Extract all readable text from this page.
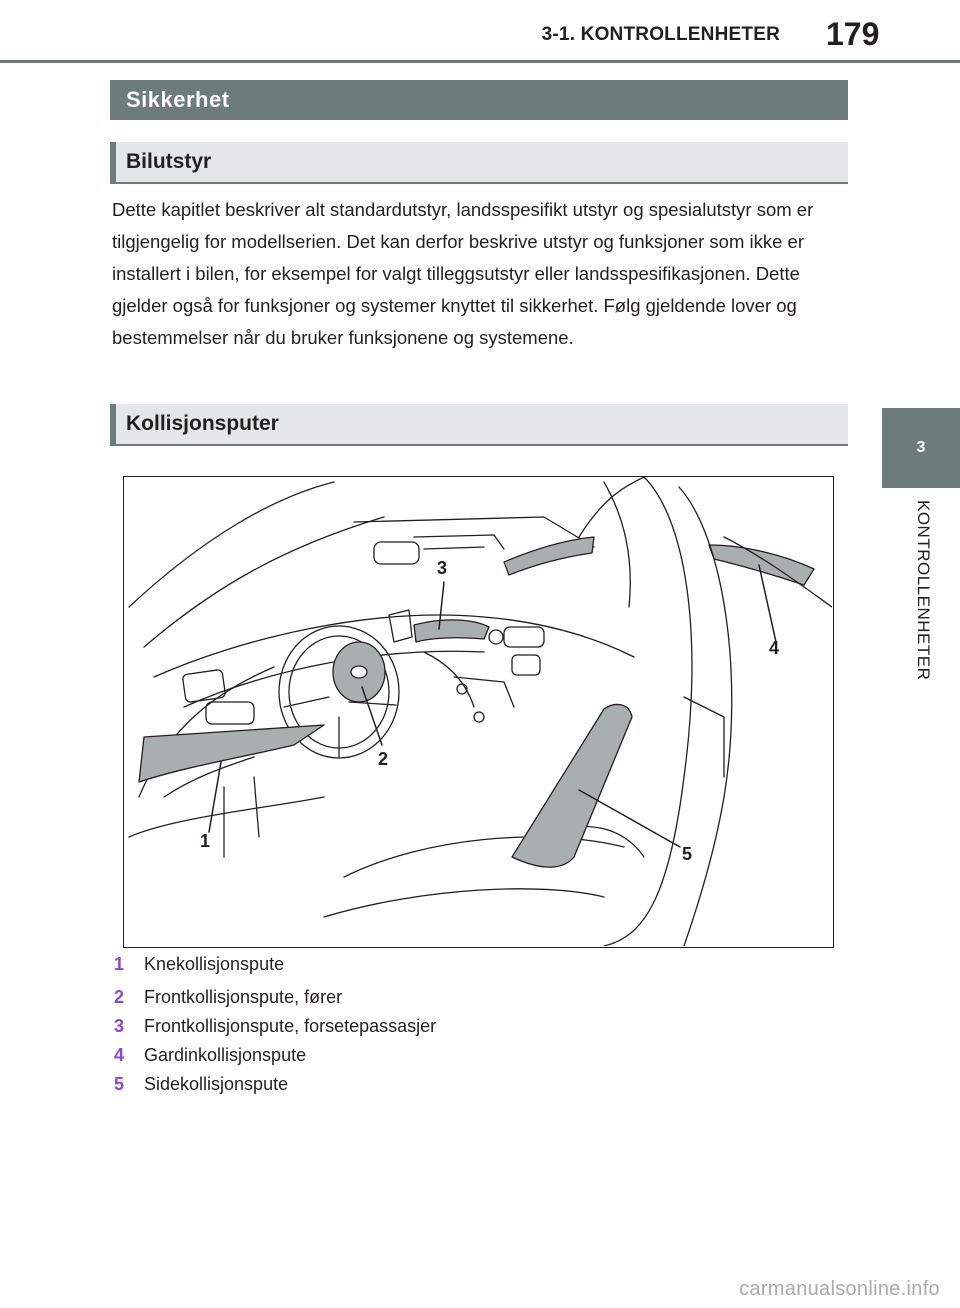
3-1. KONTROLLENHETER 179
3
KONTROLLENHETER
Sikkerhet
Bilutstyr
Dette kapitlet beskriver alt standardutstyr, landsspesifikt utstyr og spesialutstyr som er tilgjengelig for modellserien. Det kan derfor beskrive utstyr og funksjoner som ikke er installert i bilen, for eksempel for valgt tilleggsutstyr eller landsspesifikasjonen. Dette gjelder også for funksjoner og systemer knyttet til sikkerhet. Følg gjeldende lover og bestemmelser når du bruker funksjonene og systemene.
Kollisjonsputer
1
2
3
4
5
1	Knekollisjonspute
2	Frontkollisjonspute, fører
3	Frontkollisjonspute, forsetepassasjer
4	Gardinkollisjonspute
5	Sidekollisjonspute
carmanualsonline.info
